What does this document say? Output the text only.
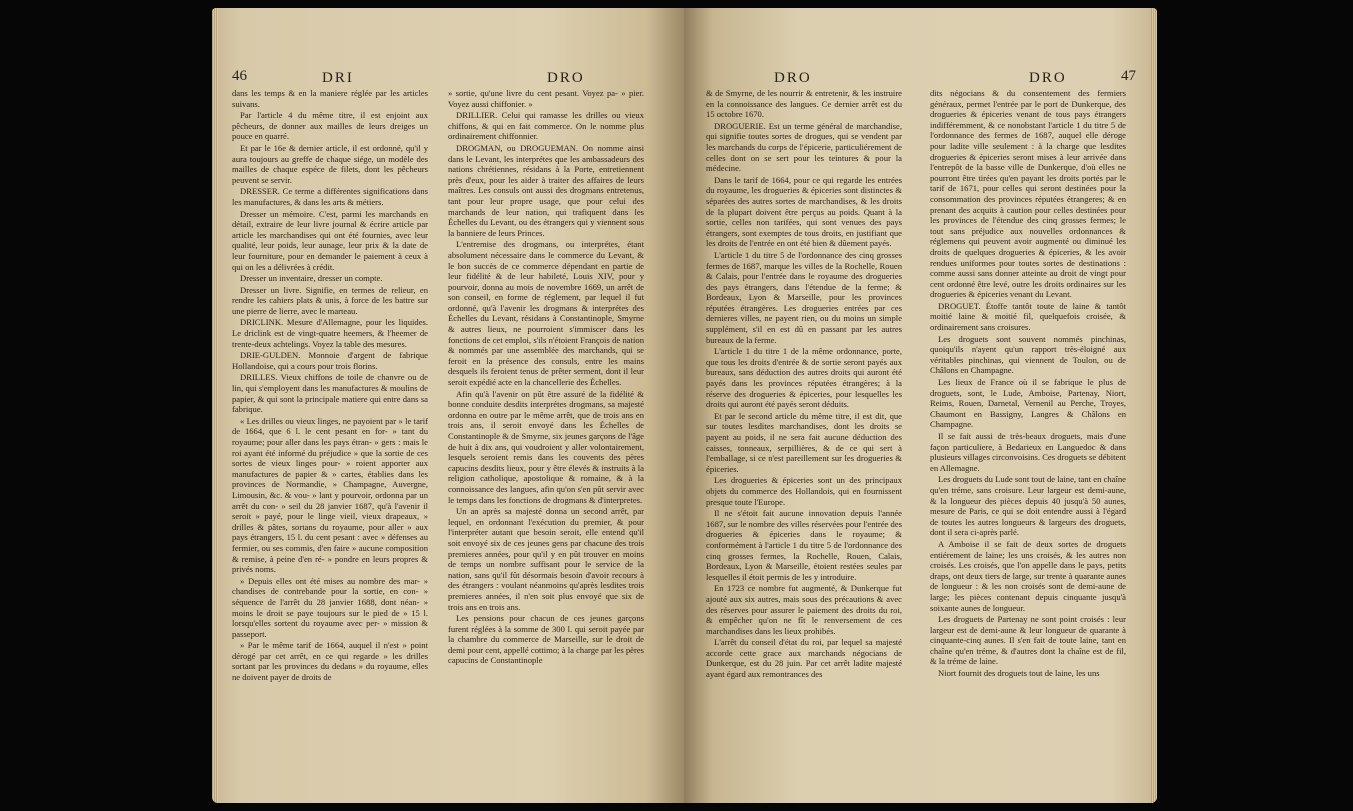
46	DRI	DRO

dans les temps & en la maniere réglée par les articles suivans.

Par l'article 4 du même titre, il est enjoint aux pêcheurs, de donner aux mailles de leurs dreiges un pouce en quarré.

Et par le 16e & dernier article, il est ordonné, qu'il y aura toujours au greffe de chaque siége, un modèle des mailles de chaque espéce de filets, dont les pêcheurs peuvent se servir.

DRESSER. Ce terme a différentes significations dans les manufactures, & dans les arts & métiers.

Dresser un mémoire. C'est, parmi les marchands en détail, extraire de leur livre journal & écrire article par article les marchandises qui ont été fournies, avec leur qualité, leur poids, leur aunage, leur prix & la date de leur fourniture, pour en demander le paiement à ceux à qui on les a délivrées à crédit.

Dresser un inventaire, dresser un compte.

Dresser un livre. Signifie, en termes de relieur, en rendre les cahiers plats & unis, à force de les battre sur une pierre de lierre, avec le marteau.

DRICLINK. Mesure d'Allemagne, pour les liquides. Le driclink est de vingt-quatre heemers, & l'heemer de trente-deux achtelings. Voyez la table des mesures.

DRIE-GULDEN. Monnoie d'argent de fabrique Hollandoise, qui a cours pour trois florins.

DRILLES. Vieux chiffons de toile de chanvre ou de lin, qui s'employent dans les manufactures & moulins de papier, & qui sont la principale matiere qui entre dans sa fabrique.

« Les drilles ou vieux linges, ne payoient par » le tarif de 1664, que 6 l. le cent pesant en for- » tant du royaume; pour aller dans les pays étran- » gers : mais le roi ayant été informé du préjudice » que la sortie de ces sortes de vieux linges pour- » roient apporter aux manufactures de papier & » cartes, établies dans les provinces de Normandie, » Champagne, Auvergne, Limousin, &c. & vou- » lant y pourvoir, ordonna par un arrêt du con- » seil du 28 janvier 1687, qu'à l'avenir il seroit » payé, pour le linge vieil, vieux drapeaux, » drilles & pâtes, sortans du royaume, pour aller » aux pays étrangers, 15 l. du cent pesant : avec » défenses au fermier, ou ses commis, d'en faire » aucune composition & remise, à peine d'en ré- » pondre en leurs propres & privés noms.

» Depuis elles ont été mises au nombre des mar- » chandises de contrebande pour la sortie, en con- » séquence de l'arrêt du 28 janvier 1688, dont néan- » moins le droit se paye toujours sur le pied de » 15 l. lorsqu'elles sortent du royaume avec per- » mission & passeport.

» Par le même tarif de 1664, auquel il n'est » point dérogé par cet arrêt, en ce qui regarde » les drilles sortant par les provinces du dedans » du royaume, elles ne doivent payer de droits de

» sortie, qu'une livre du cent pesant. Voyez pa- » pier. Voyez aussi chiffonier. »

DRILLIER. Celui qui ramasse les drilles ou vieux chiffons, & qui en fait commerce. On le nomme plus ordinairement chiffonnier.

DROGMAN, ou DROGUEMAN. On nomme ainsi dans le Levant, les interprétes que les ambassadeurs des nations chrétiennes, résidans à la Porte, entretiennent près d'eux, pour les aider à traiter des affaires de leurs maîtres. Les consuls ont aussi des drogmans entretenus, tant pour leur propre usage, que pour celui des marchands de leur nation, qui trafiquent dans les Échelles du Levant, ou des étrangers qui y viennent sous la banniere de leurs Princes.

L'entremise des drogmans, ou interprétes, étant absolument nécessaire dans le commerce du Levant, & le bon succès de ce commerce dépendant en partie de leur fidélité & de leur habileté, Louis XIV, pour y pourvoir, donna au mois de novembre 1669, un arrêt de son conseil, en forme de réglement, par lequel il fut ordonné, qu'à l'avenir les drogmans & interprétes des Échelles du Levant, résidans à Constantinople, Smyrne & autres lieux, ne pourroient s'immiscer dans les fonctions de cet emploi, s'ils n'étoient François de nation & nommés par une assemblée des marchands, qui se feroit en la présence des consuls, entre les mains desquels ils feroient tenus de prêter serment, dont il leur seroit expédié acte en la chancellerie des Échelles.

Afin qu'à l'avenir on pût être assuré de la fidélité & bonne conduite desdits interprétes drogmans, sa majesté ordonna en outre par le même arrêt, que de trois ans en trois ans, il seroit envoyé dans les Échelles de Constantinople & de Smyrne, six jeunes garçons de l'âge de huit à dix ans, qui voudroient y aller volontairement, lesquels seroient remis dans les couvents des pères capucins desdits lieux, pour y être élevés & instruits à la religion catholique, apostolique & romaine, & à la connoissance des langues, afin qu'on s'en pût servir avec le temps dans les fonctions de drogmans & d'interpretes.

Un an après sa majesté donna un second arrêt, par lequel, en ordonnant l'exécution du premier, & pour l'interpréter autant que besoin seroit, elle entend qu'il soit envoyé six de ces jeunes gens par chacune des trois premieres années, pour qu'il y en pût trouver en moins de temps un nombre suffisant pour le service de la nation, sans qu'il fût désormais besoin d'avoir recours à des étrangers : voulant néanmoins qu'après lesdites trois premieres années, il n'en soit plus envoyé que six de trois ans en trois ans.

Les pensions pour chacun de ces jeunes garçons furent réglées à la somme de 300 l. qui seroit payée par la chambre du commerce de Marseille, sur le droit de demi pour cent, appellé cottimo; à la charge par les pères capucins de Constantinople

DRO	DRO	47

& de Smyrne, de les nourrir & entretenir, & les instruire en la connoissance des langues. Ce dernier arrêt est du 15 octobre 1670.

DROGUERIE. Est un terme général de marchandise, qui signifie toutes sortes de drogues, qui se vendent par les marchands du corps de l'épicerie, particuliérement de celles dont on se sert pour les teintures & pour la médecine.

Dans le tarif de 1664, pour ce qui regarde les entrées du royaume, les drogueries & épiceries sont distinctes & séparées des autres sortes de marchandises, & les droits de la plupart doivent être perçus au poids. Quant à la sortie, celles non tarifées, qui sont venues des pays étrangers, sont exemptes de tous droits, en justifiant que les droits de l'entrée en ont été bien & dûement payés.

L'article 1 du titre 5 de l'ordonnance des cinq grosses fermes de 1687, marque les villes de la Rochelle, Rouen & Calais, pour l'entrée dans le royaume des drogueries des pays étrangers, dans l'étendue de la ferme; & Bordeaux, Lyon & Marseille, pour les provinces réputées étrangères. Les drogueries entrées par ces dernieres villes, ne payent rien, ou du moins un simple supplément, s'il en est dû en passant par les autres bureaux de la ferme.

L'article 1 du titre 1 de la même ordonnance, porte, que tous les droits d'entrée & de sortie seront payés aux bureaux, sans déduction des autres droits qui auront été payés dans les provinces réputées étrangères; à la réserve des drogueries & épiceries, pour lesquelles les droits qui auront été payés seront déduits.

Et par le second article du même titre, il est dit, que sur toutes lesdites marchandises, dont les droits se payent au poids, il ne sera fait aucune déduction des caisses, tonneaux, serpillières, & de ce qui sert à l'emballage, si ce n'est pareillement sur les drogueries & épiceries.

Les drogueries & épiceries sont un des principaux objets du commerce des Hollandois, qui en fournissent presque toute l'Europe.

Il ne s'étoit fait aucune innovation depuis l'année 1687, sur le nombre des villes réservées pour l'entrée des drogueries & épiceries dans le royaume; & conformément à l'article 1 du titre 5 de l'ordonnance des cinq grosses fermes, la Rochelle, Rouen, Calais, Bordeaux, Lyon & Marseille, étoient restées seules par lesquelles il étoit permis de les y introduire.

En 1723 ce nombre fut augmenté, & Dunkerque fut ajouté aux six autres, mais sous des précautions & avec des réserves pour assurer le paiement des droits du roi, & empêcher qu'on ne fît le renversement de ces marchandises dans les lieux prohibés.

L'arrêt du conseil d'état du roi, par lequel sa majesté accorde cette grace aux marchands négocians de Dunkerque, est du 28 juin. Par cet arrêt ladite majesté ayant égard aux remontrances des

dits négocians & du consentement des fermiers généraux, permet l'entrée par le port de Dunkerque, des drogueries & épiceries venant de tous pays étrangers indifféremment, & ce nonobstant l'article 1 du titre 5 de l'ordonnance des fermes de 1687, auquel elle déroge pour ladite ville seulement : à la charge que lesdites drogueries & épiceries seront mises à leur arrivée dans l'entrepôt de la basse ville de Dunkerque, d'où elles ne pourront être tirées qu'en payant les droits portés par le tarif de 1671, pour celles qui seront destinées pour la consommation des provinces réputées étrangeres; & en prenant des acquits à caution pour celles destinées pour les provinces de l'étendue des cinq grosses fermes; le tout sans préjudice aux nouvelles ordonnances & réglemens qui peuvent avoir augmenté ou diminué les droits de quelques drogueries & épiceries, & les avoir rendues uniformes pour toutes sortes de destinations : comme aussi sans donner atteinte au droit de vingt pour cent ordonné être levé, outre les droits ordinaires sur les drogueries & épiceries venant du Levant.

DROGUET. Étoffe tantôt toute de laine & tantôt moitié laine & moitié fil, quelquefois croisée, & ordinairement sans croisures.

Les droguets sont souvent nommés pinchinas, quoiqu'ils n'ayent qu'un rapport très-éloigné aux véritables pinchinas, qui viennent de Toulon, ou de Châlons en Champagne.

Les lieux de France où il se fabrique le plus de droguets, sont, le Lude, Amboise, Partenay, Niort, Reims, Rouen, Darnetal, Vernenil au Perche, Troyes, Chaumont en Bassigny, Langres & Châlons en Champagne.

Il se fait aussi de très-beaux droguets, mais d'une façon particuliere, à Bedarieux en Languedoc & dans plusieurs villages circonvoisins. Ces droguets se débitent en Allemagne.

Les droguets du Lude sont tout de laine, tant en chaîne qu'en tréme, sans croisure. Leur largeur est demi-aune, & la longueur des pièces depuis 40 jusqu'à 50 aunes, mesure de Paris, ce qui se doit entendre aussi à l'égard de toutes les autres longueurs & largeurs des droguets, dont il sera ci-après parlé.

A Amboise il se fait de deux sortes de droguets entiérement de laine; les uns croisés, & les autres non croisés. Les croisés, que l'on appelle dans le pays, petits draps, ont deux tiers de large, sur trente à quarante aunes de longueur : & les non croisés sont de demi-aune de large; les pièces contenant depuis cinquante jusqu'à soixante aunes de longueur.

Les droguets de Partenay ne sont point croisés : leur largeur est de demi-aune & leur longueur de quarante à cinquante-cinq aunes. Il s'en fait de toute laine, tant en chaîne qu'en tréme, & d'autres dont la chaîne est de fil, & la tréme de laine.

Niort fournit des droguets tout de laine, les uns
